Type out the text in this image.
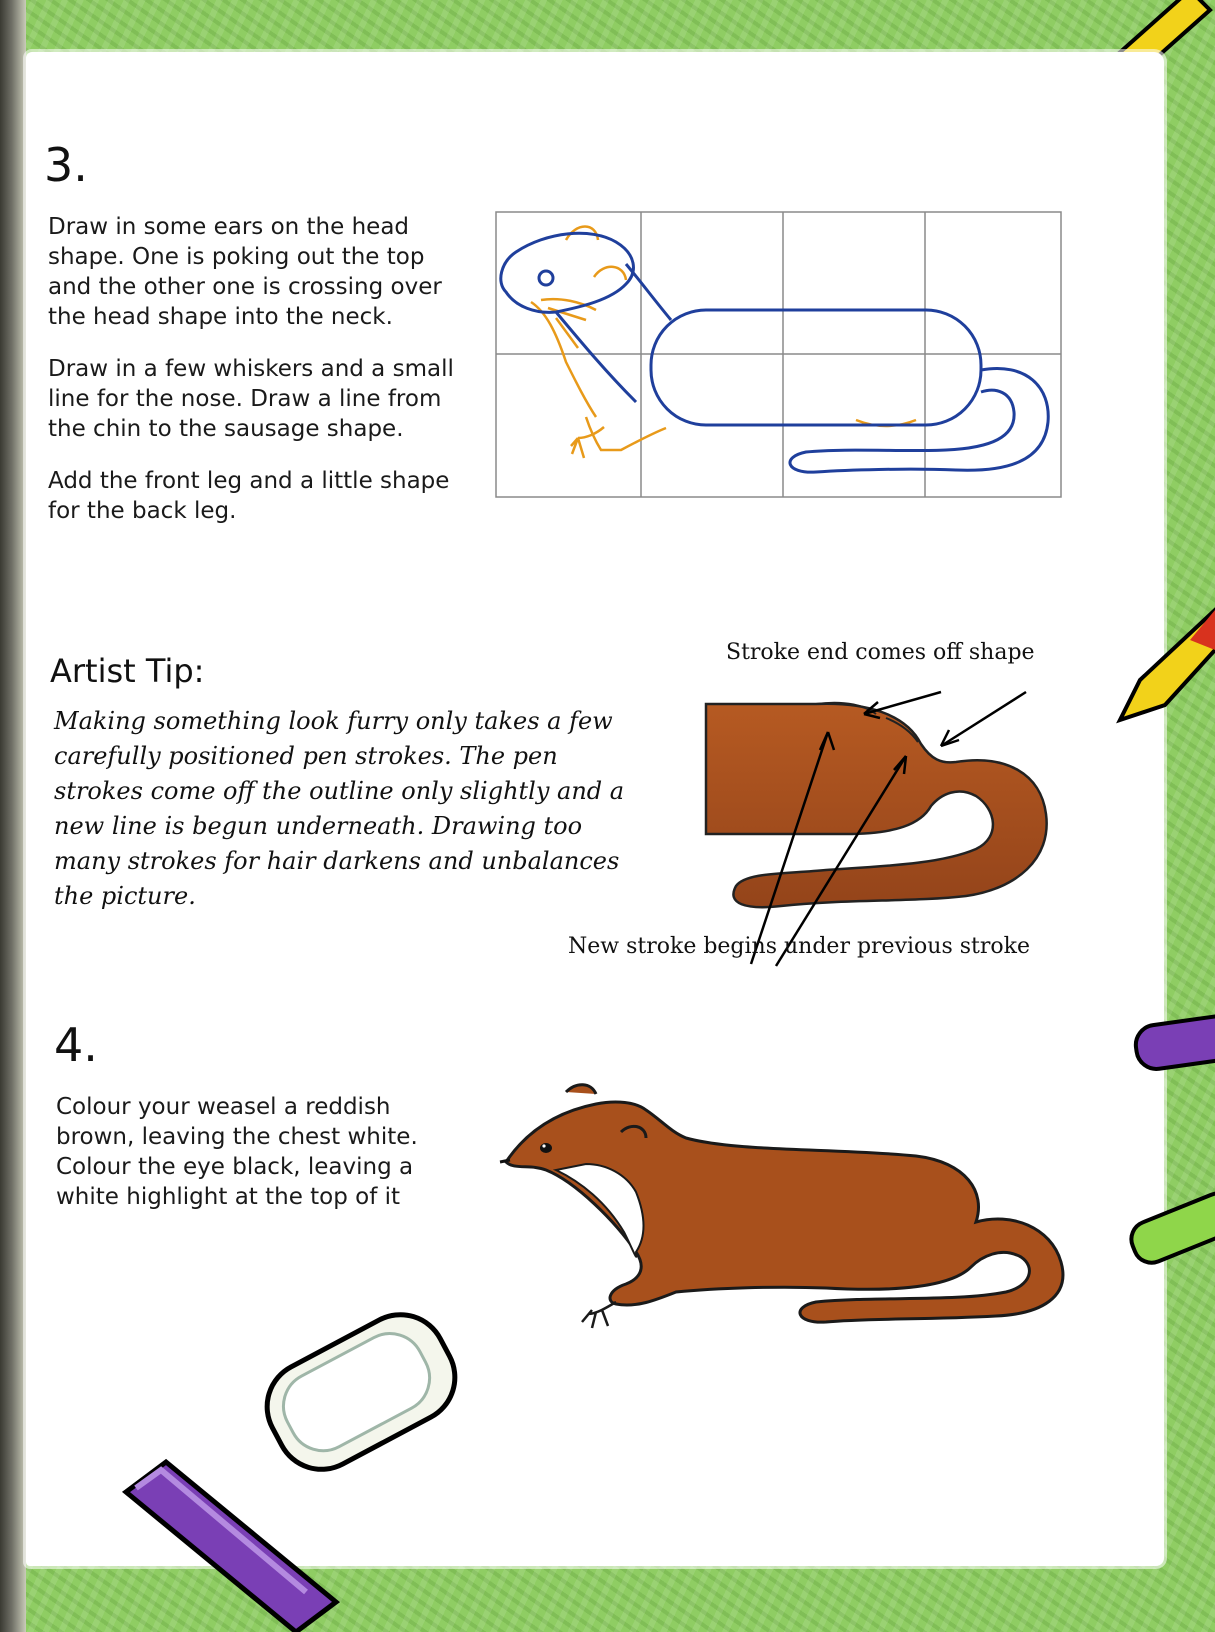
3.

Draw in some ears on the head shape. One is poking out the top and the other one is crossing over the head shape into the neck.

Draw in a few whiskers and a small line for the nose. Draw a line from the chin to the sausage shape.

Add the front leg and a little shape for the back leg.

Artist Tip:
Making something look furry only takes a few carefully positioned pen strokes. The pen strokes come off the outline only slightly and a new line is begun underneath. Drawing too many strokes for hair darkens and unbalances the picture.
Stroke end comes off shape
New stroke begins under previous stroke
4.
Colour your weasel a reddish brown, leaving the chest white. Colour the eye black, leaving a white highlight at the top of it
